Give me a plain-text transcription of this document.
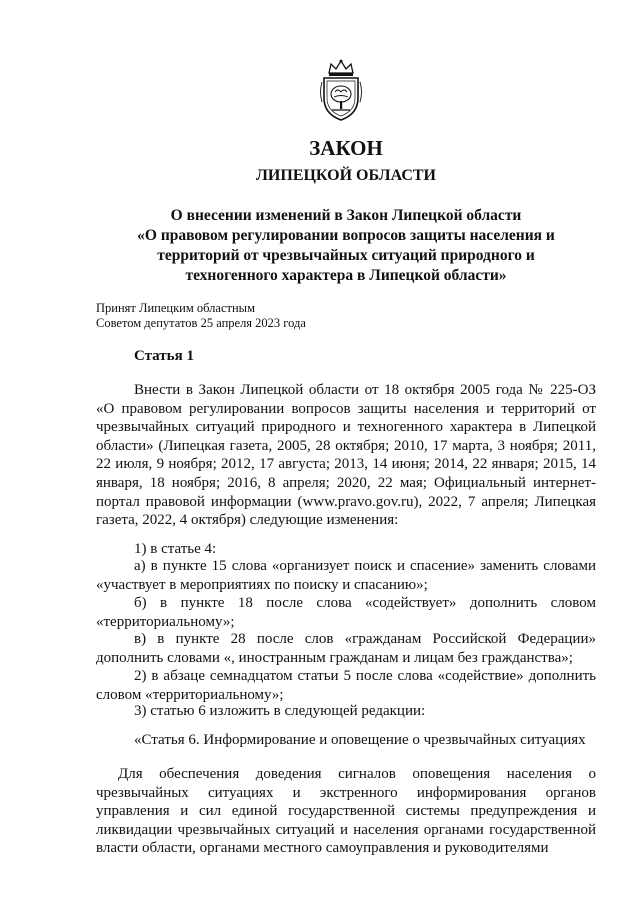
ЗАКОН
ЛИПЕЦКОЙ ОБЛАСТИ
О внесении изменений в Закон Липецкой области
«О правовом регулировании вопросов защиты населения и
территорий от чрезвычайных ситуаций природного и
техногенного характера в Липецкой области»
Принят Липецким областным
Советом депутатов 25 апреля 2023 года
Статья 1
Внести в Закон Липецкой области от 18 октября 2005 года № 225-ОЗ «О правовом регулировании вопросов защиты населения и территорий от чрезвычайных ситуаций природного и техногенного характера в Липецкой области» (Липецкая газета, 2005, 28 октября; 2010, 17 марта, 3 ноября; 2011, 22 июля, 9 ноября; 2012, 17 августа; 2013, 14 июня; 2014, 22 января; 2015, 14 января, 18 ноября; 2016, 8 апреля; 2020, 22 мая; Официальный интернет-портал правовой информации (www.pravo.gov.ru), 2022, 7 апреля; Липецкая газета, 2022, 4 октября) следующие изменения:
1) в статье 4:
а) в пункте 15 слова «организует поиск и спасение» заменить словами «участвует в мероприятиях по поиску и спасанию»;
б) в пункте 18 после слова «содействует» дополнить словом «территориальному»;
в) в пункте 28 после слов «гражданам Российской Федерации» дополнить словами «, иностранным гражданам и лицам без гражданства»;
2) в абзаце семнадцатом статьи 5 после слова «содействие» дополнить словом «территориальному»;
3) статью 6 изложить в следующей редакции:
«Статья 6. Информирование и оповещение о чрезвычайных ситуациях
Для обеспечения доведения сигналов оповещения населения о чрезвычайных ситуациях и экстренного информирования органов управления и сил единой государственной системы предупреждения и ликвидации чрезвычайных ситуаций и населения органами государственной власти области, органами местного самоуправления и руководителями
